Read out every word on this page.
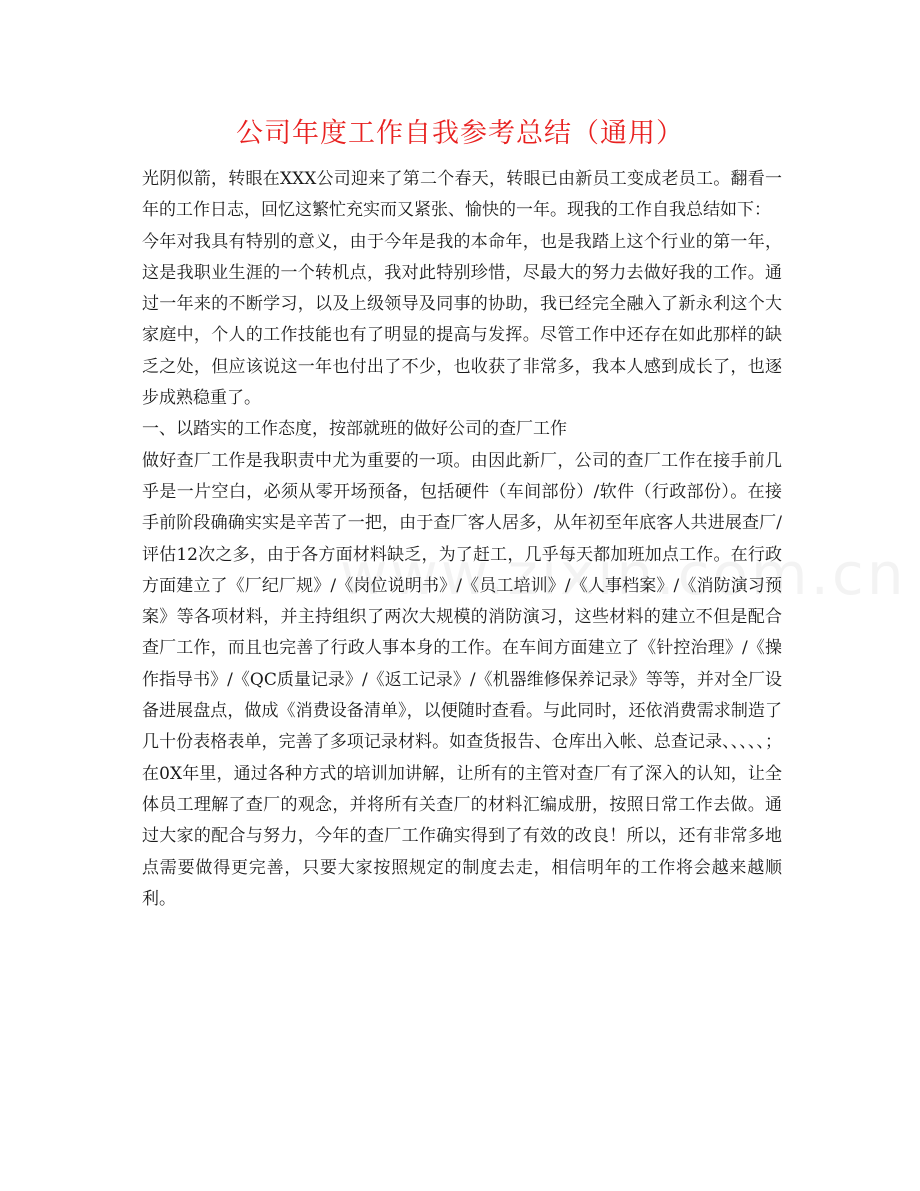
公司年度工作自我参考总结（通用）

光阴似箭，转眼在XXX公司迎来了第二个春天，转眼已由新员工变成老员工。翻看一年的工作日志，回忆这繁忙充实而又紧张、愉快的一年。现我的工作自我总结如下：

今年对我具有特别的意义，由于今年是我的本命年，也是我踏上这个行业的第一年，这是我职业生涯的一个转机点，我对此特别珍惜，尽最大的努力去做好我的工作。通过一年来的不断学习，以及上级领导及同事的协助，我已经完全融入了新永利这个大家庭中，个人的工作技能也有了明显的提高与发挥。尽管工作中还存在如此那样的缺乏之处，但应该说这一年也付出了不少，也收获了非常多，我本人感到成长了，也逐步成熟稳重了。

一、以踏实的工作态度，按部就班的做好公司的查厂工作

做好查厂工作是我职责中尤为重要的一项。由因此新厂，公司的查厂工作在接手前几乎是一片空白，必须从零开场预备，包括硬件（车间部份）/软件（行政部份）。在接手前阶段确确实实是辛苦了一把，由于查厂客人居多，从年初至年底客人共进展查厂/评估12次之多，由于各方面材料缺乏，为了赶工，几乎每天都加班加点工作。在行政方面建立了《厂纪厂规》/《岗位说明书》/《员工培训》/《人事档案》/《消防演习预案》等各项材料，并主持组织了两次大规模的消防演习，这些材料的建立不但是配合查厂工作，而且也完善了行政人事本身的工作。在车间方面建立了《针控治理》/《操作指导书》/《QC质量记录》/《返工记录》/《机器维修保养记录》等等，并对全厂设备进展盘点，做成《消费设备清单》，以便随时查看。与此同时，还依消费需求制造了几十份表格表单，完善了多项记录材料。如查货报告、仓库出入帐、总查记录、、、、、；在0X年里，通过各种方式的培训加讲解，让所有的主管对查厂有了深入的认知，让全体员工理解了查厂的观念，并将所有关查厂的材料汇编成册，按照日常工作去做。通过大家的配合与努力，今年的查厂工作确实得到了有效的改良！所以，还有非常多地点需要做得更完善，只要大家按照规定的制度去走，相信明年的工作将会越来越顺利。
